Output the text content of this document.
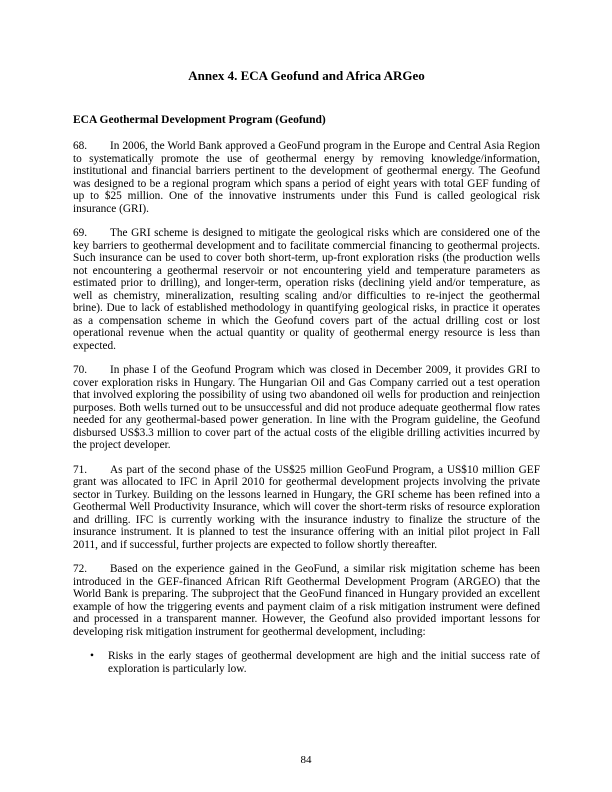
Annex 4. ECA Geofund and Africa ARGeo
ECA Geothermal Development Program (Geofund)

68. In 2006, the World Bank approved a GeoFund program in the Europe and Central Asia Region to systematically promote the use of geothermal energy by removing knowledge/information, institutional and financial barriers pertinent to the development of geothermal energy. The Geofund was designed to be a regional program which spans a period of eight years with total GEF funding of up to $25 million. One of the innovative instruments under this Fund is called geological risk insurance (GRI).

69. The GRI scheme is designed to mitigate the geological risks which are considered one of the key barriers to geothermal development and to facilitate commercial financing to geothermal projects. Such insurance can be used to cover both short-term, up-front exploration risks (the production wells not encountering a geothermal reservoir or not encountering yield and temperature parameters as estimated prior to drilling), and longer-term, operation risks (declining yield and/or temperature, as well as chemistry, mineralization, resulting scaling and/or difficulties to re-inject the geothermal brine). Due to lack of established methodology in quantifying geological risks, in practice it operates as a compensation scheme in which the Geofund covers part of the actual drilling cost or lost operational revenue when the actual quantity or quality of geothermal energy resource is less than expected.

70. In phase I of the Geofund Program which was closed in December 2009, it provides GRI to cover exploration risks in Hungary. The Hungarian Oil and Gas Company carried out a test operation that involved exploring the possibility of using two abandoned oil wells for production and reinjection purposes. Both wells turned out to be unsuccessful and did not produce adequate geothermal flow rates needed for any geothermal-based power generation. In line with the Program guideline, the Geofund disbursed US$3.3 million to cover part of the actual costs of the eligible drilling activities incurred by the project developer.

71. As part of the second phase of the US$25 million GeoFund Program, a US$10 million GEF grant was allocated to IFC in April 2010 for geothermal development projects involving the private sector in Turkey. Building on the lessons learned in Hungary, the GRI scheme has been refined into a Geothermal Well Productivity Insurance, which will cover the short-term risks of resource exploration and drilling. IFC is currently working with the insurance industry to finalize the structure of the insurance instrument. It is planned to test the insurance offering with an initial pilot project in Fall 2011, and if successful, further projects are expected to follow shortly thereafter.

72. Based on the experience gained in the GeoFund, a similar risk migitation scheme has been introduced in the GEF-financed African Rift Geothermal Development Program (ARGEO) that the World Bank is preparing. The subproject that the GeoFund financed in Hungary provided an excellent example of how the triggering events and payment claim of a risk mitigation instrument were defined and processed in a transparent manner. However, the Geofund also provided important lessons for developing risk mitigation instrument for geothermal development, including:

• Risks in the early stages of geothermal development are high and the initial success rate of exploration is particularly low.
84
